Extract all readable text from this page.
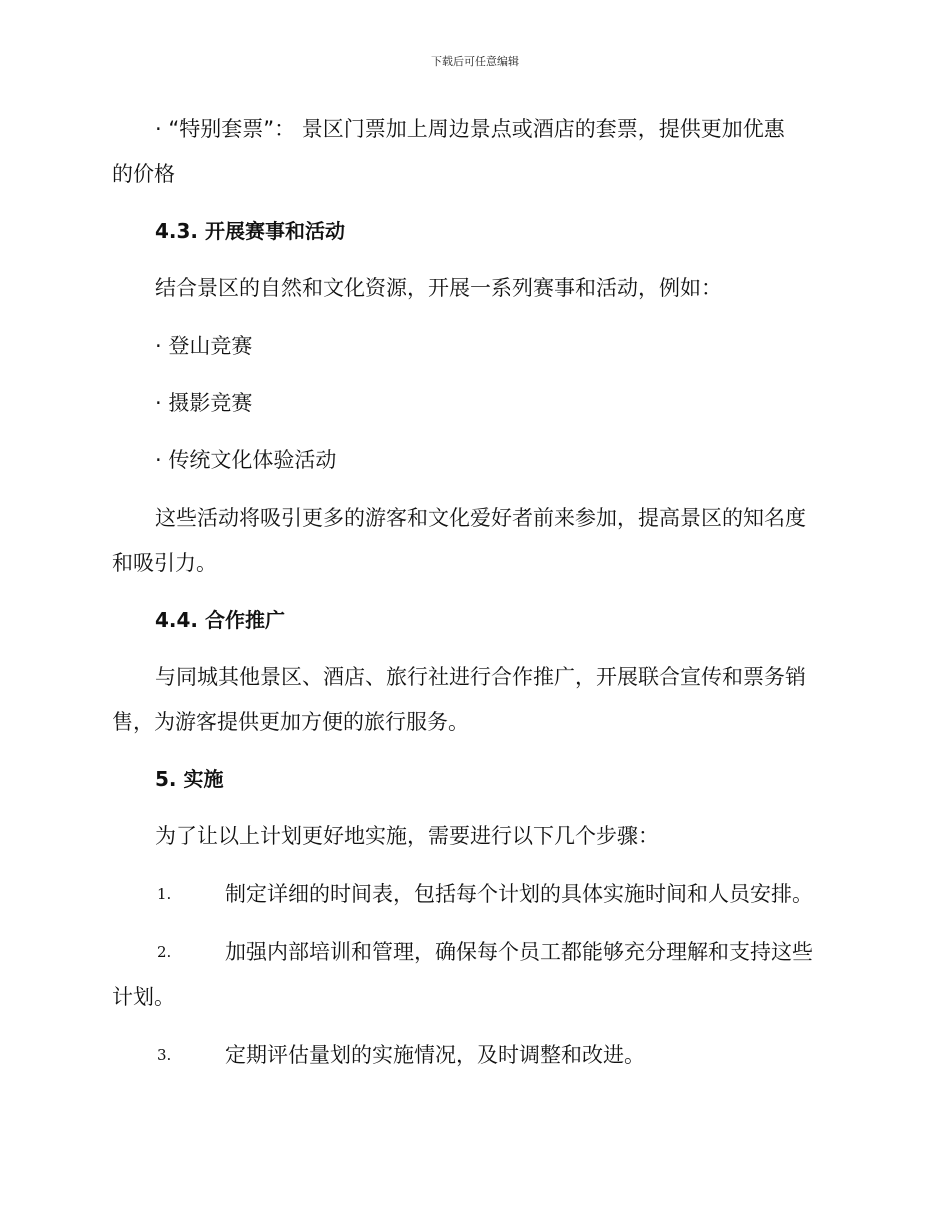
下载后可任意编辑
· “特别套票”： 景区门票加上周边景点或酒店的套票，提供更加优惠
的价格
4.3. 开展赛事和活动
结合景区的自然和文化资源，开展一系列赛事和活动，例如：
· 登山竞赛
· 摄影竞赛
· 传统文化体验活动
这些活动将吸引更多的游客和文化爱好者前来参加，提高景区的知名度
和吸引力。
4.4. 合作推广
与同城其他景区、酒店、旅行社进行合作推广，开展联合宣传和票务销
售，为游客提供更加方便的旅行服务。
5. 实施
为了让以上计划更好地实施，需要进行以下几个步骤：
1.	制定详细的时间表，包括每个计划的具体实施时间和人员安排。
2.	加强内部培训和管理，确保每个员工都能够充分理解和支持这些
计划。
3.	定期评估量划的实施情况，及时调整和改进。
